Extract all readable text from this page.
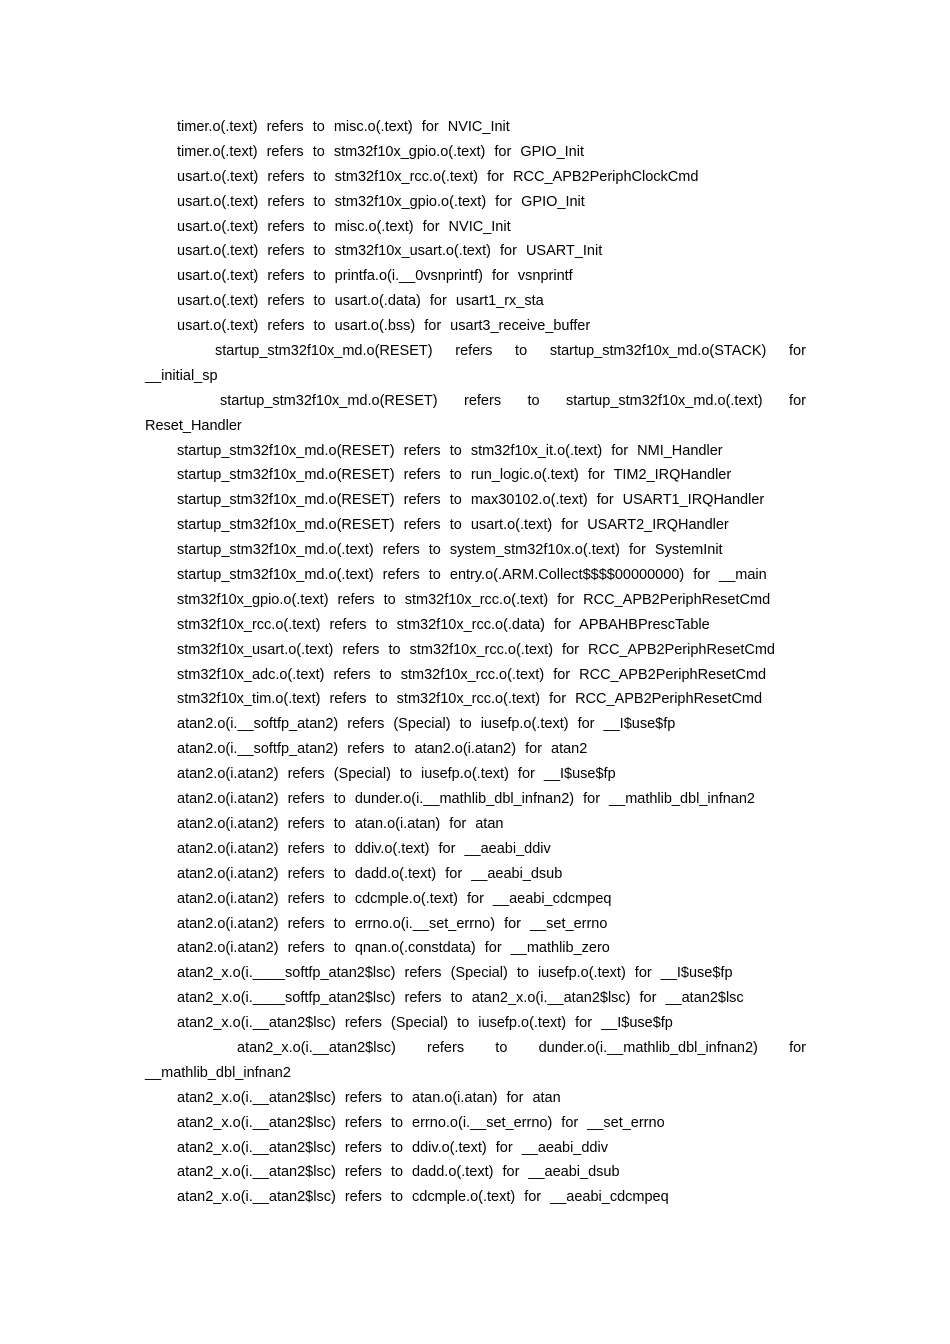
timer.o(.text) refers to misc.o(.text) for NVIC_Init
timer.o(.text) refers to stm32f10x_gpio.o(.text) for GPIO_Init
usart.o(.text) refers to stm32f10x_rcc.o(.text) for RCC_APB2PeriphClockCmd
usart.o(.text) refers to stm32f10x_gpio.o(.text) for GPIO_Init
usart.o(.text) refers to misc.o(.text) for NVIC_Init
usart.o(.text) refers to stm32f10x_usart.o(.text) for USART_Init
usart.o(.text) refers to printfa.o(i.__0vsnprintf) for vsnprintf
usart.o(.text) refers to usart.o(.data) for usart1_rx_sta
usart.o(.text) refers to usart.o(.bss) for usart3_receive_buffer
startup_stm32f10x_md.o(RESET) refers to startup_stm32f10x_md.o(STACK) for
__initial_sp
startup_stm32f10x_md.o(RESET) refers to startup_stm32f10x_md.o(.text) for
Reset_Handler
startup_stm32f10x_md.o(RESET) refers to stm32f10x_it.o(.text) for NMI_Handler
startup_stm32f10x_md.o(RESET) refers to run_logic.o(.text) for TIM2_IRQHandler
startup_stm32f10x_md.o(RESET) refers to max30102.o(.text) for USART1_IRQHandler
startup_stm32f10x_md.o(RESET) refers to usart.o(.text) for USART2_IRQHandler
startup_stm32f10x_md.o(.text) refers to system_stm32f10x.o(.text) for SystemInit
startup_stm32f10x_md.o(.text) refers to entry.o(.ARM.Collect$$$$00000000) for __main
stm32f10x_gpio.o(.text) refers to stm32f10x_rcc.o(.text) for RCC_APB2PeriphResetCmd
stm32f10x_rcc.o(.text) refers to stm32f10x_rcc.o(.data) for APBAHBPrescTable
stm32f10x_usart.o(.text) refers to stm32f10x_rcc.o(.text) for RCC_APB2PeriphResetCmd
stm32f10x_adc.o(.text) refers to stm32f10x_rcc.o(.text) for RCC_APB2PeriphResetCmd
stm32f10x_tim.o(.text) refers to stm32f10x_rcc.o(.text) for RCC_APB2PeriphResetCmd
atan2.o(i.__softfp_atan2) refers (Special) to iusefp.o(.text) for __I$use$fp
atan2.o(i.__softfp_atan2) refers to atan2.o(i.atan2) for atan2
atan2.o(i.atan2) refers (Special) to iusefp.o(.text) for __I$use$fp
atan2.o(i.atan2) refers to dunder.o(i.__mathlib_dbl_infnan2) for __mathlib_dbl_infnan2
atan2.o(i.atan2) refers to atan.o(i.atan) for atan
atan2.o(i.atan2) refers to ddiv.o(.text) for __aeabi_ddiv
atan2.o(i.atan2) refers to dadd.o(.text) for __aeabi_dsub
atan2.o(i.atan2) refers to cdcmple.o(.text) for __aeabi_cdcmpeq
atan2.o(i.atan2) refers to errno.o(i.__set_errno) for __set_errno
atan2.o(i.atan2) refers to qnan.o(.constdata) for __mathlib_zero
atan2_x.o(i.____softfp_atan2$lsc) refers (Special) to iusefp.o(.text) for __I$use$fp
atan2_x.o(i.____softfp_atan2$lsc) refers to atan2_x.o(i.__atan2$lsc) for __atan2$lsc
atan2_x.o(i.__atan2$lsc) refers (Special) to iusefp.o(.text) for __I$use$fp
atan2_x.o(i.__atan2$lsc) refers to dunder.o(i.__mathlib_dbl_infnan2) for
__mathlib_dbl_infnan2
atan2_x.o(i.__atan2$lsc) refers to atan.o(i.atan) for atan
atan2_x.o(i.__atan2$lsc) refers to errno.o(i.__set_errno) for __set_errno
atan2_x.o(i.__atan2$lsc) refers to ddiv.o(.text) for __aeabi_ddiv
atan2_x.o(i.__atan2$lsc) refers to dadd.o(.text) for __aeabi_dsub
atan2_x.o(i.__atan2$lsc) refers to cdcmple.o(.text) for __aeabi_cdcmpeq
